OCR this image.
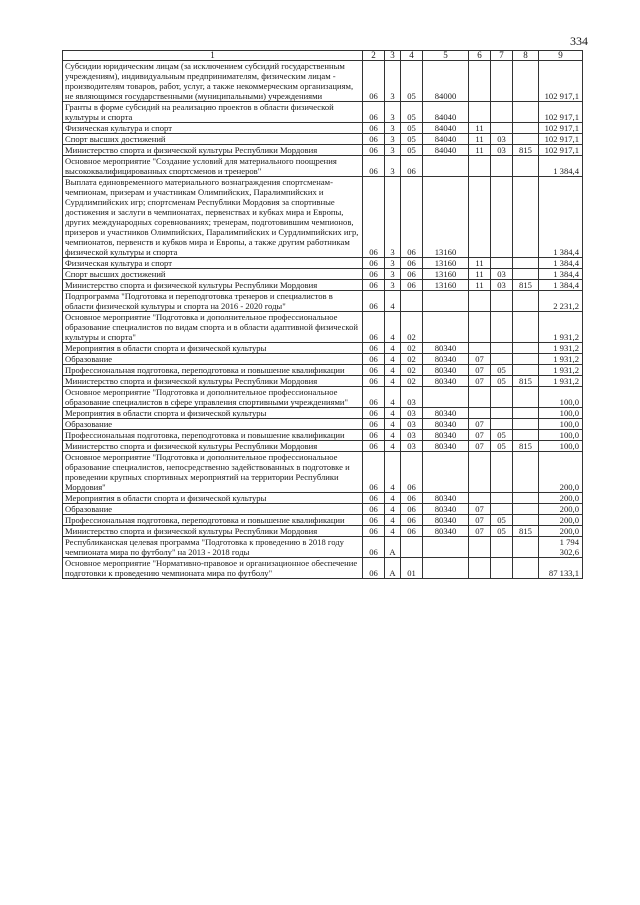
334
1	2	3	4	5	6	7	8	9
Субсидии юридическим лицам (за исключением субсидий государственным учреждениям), индивидуальным предпринимателям, физическим лицам - производителям товаров, работ, услуг, а также некоммерческим организациям, не являющимся государственными (муниципальными) учреждениями	06	3	05	84000				102 917,1
Гранты в форме субсидий на реализацию проектов в области физической культуры и спорта	06	3	05	84040				102 917,1
Физическая культура и спорт	06	3	05	84040	11			102 917,1
Спорт высших достижений	06	3	05	84040	11	03		102 917,1
Министерство спорта и физической культуры Республики Мордовия	06	3	05	84040	11	03	815	102 917,1
Основное мероприятие "Создание условий для материального поощрения высококвалифицированных спортсменов и тренеров"	06	3	06					1 384,4
Выплата единовременного материального вознаграждения спортсменам-чемпионам, призерам и участникам Олимпийских, Паралимпийских и Сурдлимпийских игр; спортсменам Республики Мордовия за спортивные достижения и заслуги в чемпионатах, первенствах и кубках мира и Европы, других международных соревнованиях; тренерам, подготовившим чемпионов, призеров и участников Олимпийских, Паралимпийских и Сурдлимпийских игр, чемпионатов, первенств и кубков мира и Европы, а также другим работникам физической культуры и спорта	06	3	06	13160				1 384,4
Физическая культура и спорт	06	3	06	13160	11			1 384,4
Спорт высших достижений	06	3	06	13160	11	03		1 384,4
Министерство спорта и физической культуры Республики Мордовия	06	3	06	13160	11	03	815	1 384,4
Подпрограмма "Подготовка и переподготовка тренеров и специалистов в области физической культуры и спорта на 2016 - 2020 годы"	06	4						2 231,2
Основное мероприятие "Подготовка и дополнительное профессиональное образование специалистов по видам спорта и в области адаптивной физической культуры и спорта"	06	4	02					1 931,2
Мероприятия в области спорта и физической культуры	06	4	02	80340				1 931,2
Образование	06	4	02	80340	07			1 931,2
Профессиональная подготовка, переподготовка и повышение квалификации	06	4	02	80340	07	05		1 931,2
Министерство спорта и физической культуры Республики Мордовия	06	4	02	80340	07	05	815	1 931,2
Основное мероприятие "Подготовка и дополнительное профессиональное образование специалистов в сфере управления спортивными учреждениями"	06	4	03					100,0
Мероприятия в области спорта и физической культуры	06	4	03	80340				100,0
Образование	06	4	03	80340	07			100,0
Профессиональная подготовка, переподготовка и повышение квалификации	06	4	03	80340	07	05		100,0
Министерство спорта и физической культуры Республики Мордовия	06	4	03	80340	07	05	815	100,0
Основное мероприятие "Подготовка и дополнительное профессиональное образование специалистов, непосредственно задействованных в подготовке и проведении крупных спортивных мероприятий на территории Республики Мордовия"	06	4	06					200,0
Мероприятия в области спорта и физической культуры	06	4	06	80340				200,0
Образование	06	4	06	80340	07			200,0
Профессиональная подготовка, переподготовка и повышение квалификации	06	4	06	80340	07	05		200,0
Министерство спорта и физической культуры Республики Мордовия	06	4	06	80340	07	05	815	200,0
Республиканская целевая программа "Подготовка к проведению в 2018 году чемпионата мира по футболу" на 2013 - 2018 годы	06	А						1 794 302,6
Основное мероприятие "Нормативно-правовое и организационное обеспечение подготовки к проведению чемпионата мира по футболу"	06	А	01					87 133,1
